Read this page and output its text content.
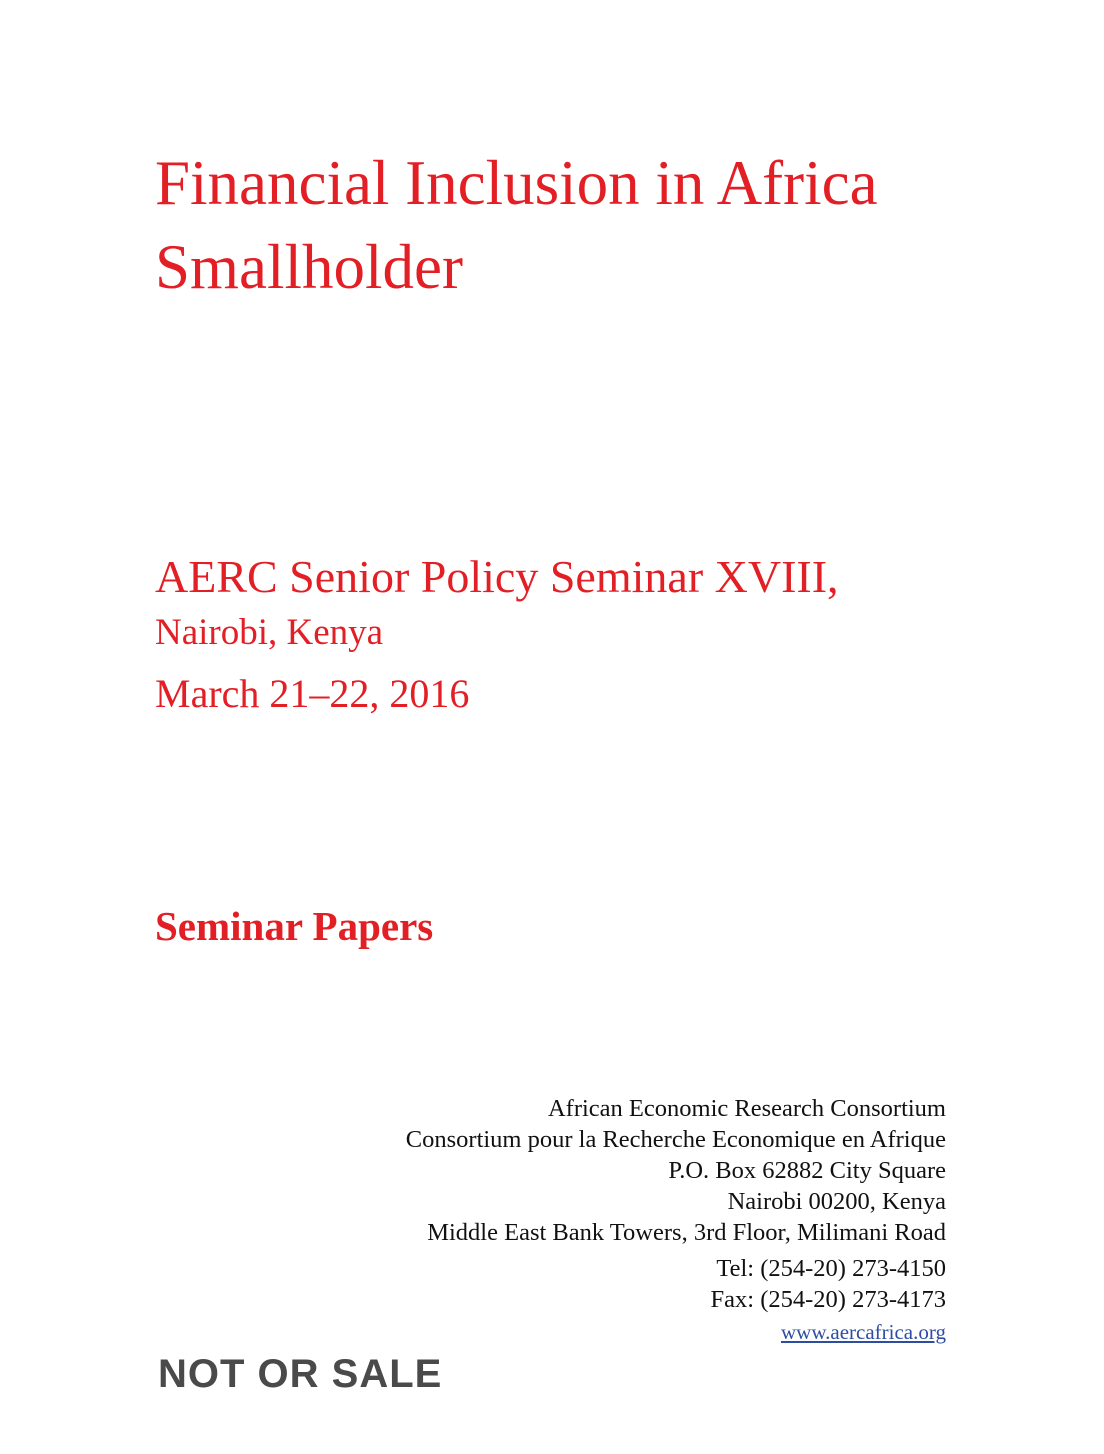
Financial Inclusion in Africa
Smallholder
AERC Senior Policy Seminar XVIII,
Nairobi, Kenya
March 21–22, 2016
Seminar Papers
African Economic Research Consortium
Consortium pour la Recherche Economique en Afrique
P.O. Box 62882 City Square
Nairobi 00200, Kenya
Middle East Bank Towers, 3rd Floor, Milimani Road
Tel: (254-20) 273-4150
Fax: (254-20) 273-4173
www.aercafrica.org
NOT OR SALE
